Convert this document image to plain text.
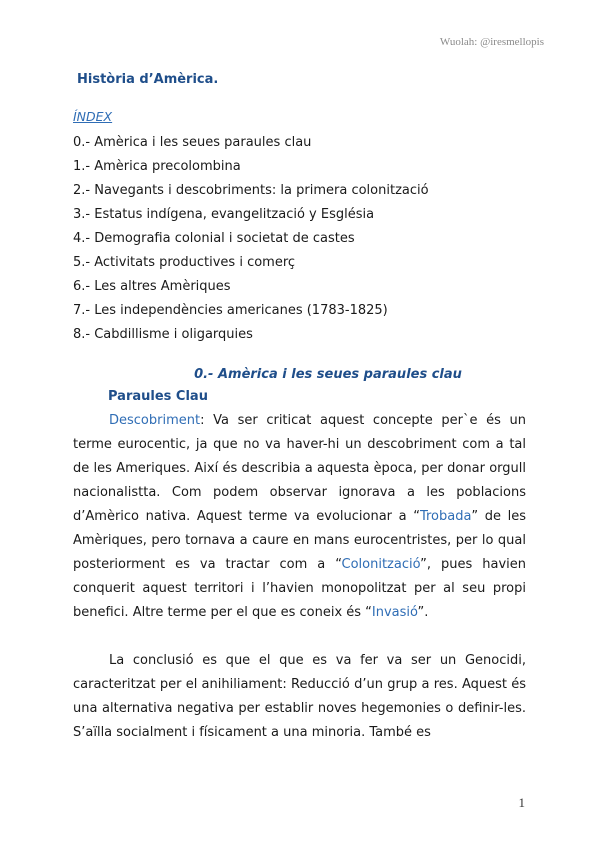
Wuolah: @iresmellopis
Història d’Amèrica.
ÍNDEX
0.- Amèrica i les seues paraules clau
1.- Amèrica precolombina
2.- Navegants i descobriments: la primera colonització
3.- Estatus indígena, evangelització y Església
4.- Demografia colonial i societat de castes
5.- Activitats productives i comerç
6.- Les altres Amèriques
7.- Les independències americanes (1783-1825)
8.- Cabdillisme i oligarquies
0.- Amèrica i les seues paraules clau
Paraules Clau

Descobriment: Va ser criticat aquest concepte per`e és un terme eurocentic, ja que no va haver-hi un descobriment com a tal de les Ameriques. Així és describia a aquesta època, per donar orgull nacionalistta. Com podem observar ignorava a les poblacions d’Amèrico nativa. Aquest terme va evolucionar a “Trobada” de les Amèriques, pero tornava a caure en mans eurocentristes, per lo qual posteriorment es va tractar com a “Colonització”, pues havien conquerit aquest territori i l’havien monopolitzat per al seu propi benefici. Altre terme per el que es coneix és “Invasió”.

La conclusió es que el que es va fer va ser un Genocidi, caracteritzat per el anihiliament: Reducció d’un grup a res. Aquest és una alternativa negativa per establir noves hegemonies o definir-les. S’aïlla socialment i físicament a una minoria. També es

1
